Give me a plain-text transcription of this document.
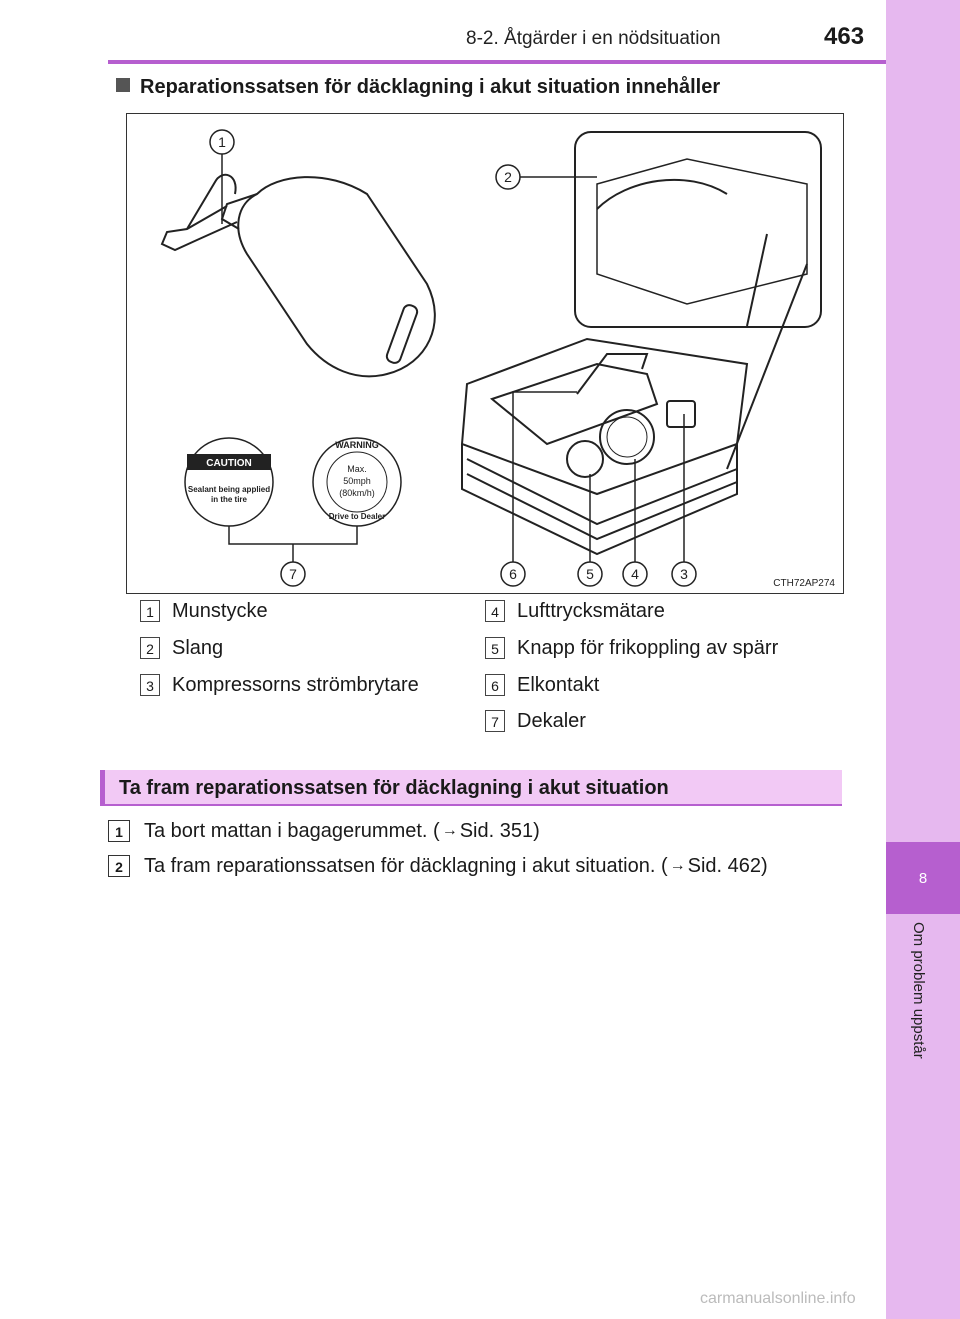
8
Om problem uppstår
8-2. Åtgärder i en nödsituation	463
Reparationssatsen för däcklagning i akut situation innehåller
CAUTION
Sealant being applied
in the tire
WARNING
Max.
50mph
(80km/h)
Drive to Dealer
1
2
3
4
5
6
7
CTH72AP274
1 Munstycke
2 Slang
3 Kompressorns strömbrytare
4 Lufttrycksmätare
5 Knapp för frikoppling av spärr
6 Elkontakt
7 Dekaler
Ta fram reparationssatsen för däcklagning i akut situation
1	Ta bort mattan i bagagerummet. ( → Sid. 351)
2	Ta fram reparationssatsen för däcklagning i akut situation. ( → Sid. 462)
carmanualsonline.info
